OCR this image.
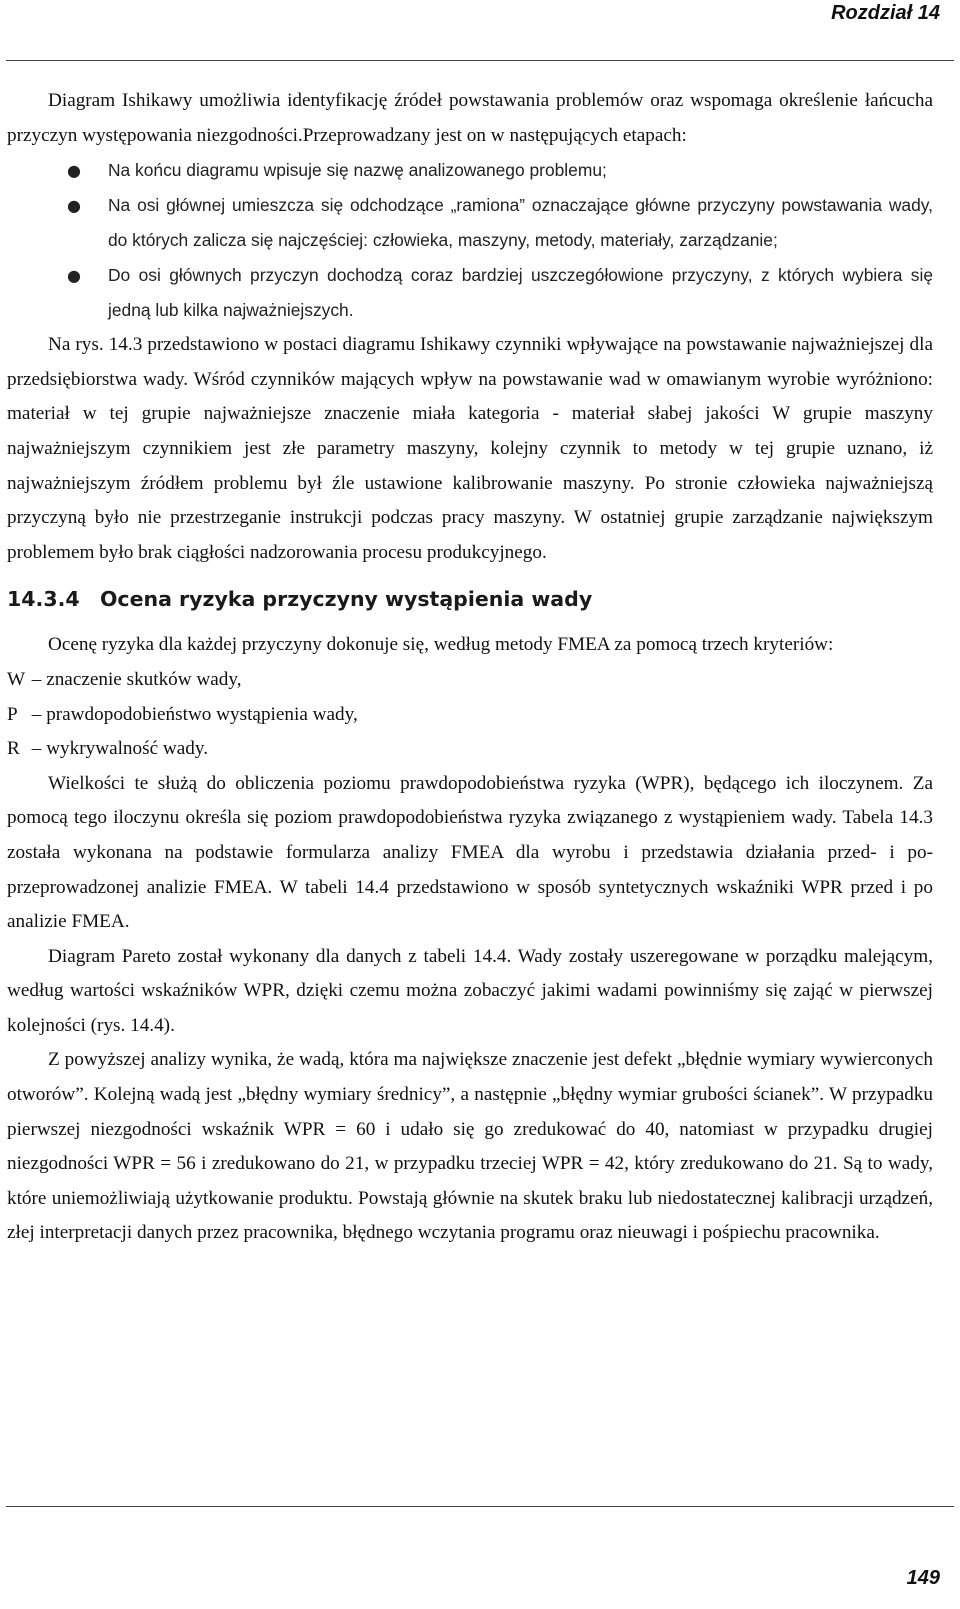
Rozdział 14

Diagram Ishikawy umożliwia identyfikację źródeł powstawania problemów oraz wspomaga określenie łańcucha przyczyn występowania niezgodności.Przeprowadzany jest on w następujących etapach:

● Na końcu diagramu wpisuje się nazwę analizowanego problemu;
● Na osi głównej umieszcza się odchodzące „ramiona” oznaczające główne przyczyny powstawania wady, do których zalicza się najczęściej: człowieka, maszyny, metody, materiały, zarządzanie;
● Do osi głównych przyczyn dochodzą coraz bardziej uszczegółowione przyczyny, z których wybiera się jedną lub kilka najważniejszych.

Na rys. 14.3 przedstawiono w postaci diagramu Ishikawy czynniki wpływające na powstawanie najważniejszej dla przedsiębiorstwa wady. Wśród czynników mających wpływ na powstawanie wad w omawianym wyrobie wyróżniono: materiał w tej grupie najważniejsze znaczenie miała kategoria - materiał słabej jakości W grupie maszyny najważniejszym czynnikiem jest złe parametry maszyny, kolejny czynnik to metody w tej grupie uznano, iż najważniejszym źródłem problemu był źle ustawione kalibrowanie maszyny. Po stronie człowieka najważniejszą przyczyną było nie przestrzeganie instrukcji podczas pracy maszyny. W ostatniej grupie zarządzanie największym problemem było brak ciągłości nadzorowania procesu produkcyjnego.

14.3.4 Ocena ryzyka przyczyny wystąpienia wady

Ocenę ryzyka dla każdej przyczyny dokonuje się, według metody FMEA za pomocą trzech kryteriów:

W – znaczenie skutków wady,

P – prawdopodobieństwo wystąpienia wady,

R – wykrywalność wady.

Wielkości te służą do obliczenia poziomu prawdopodobieństwa ryzyka (WPR), będącego ich iloczynem. Za pomocą tego iloczynu określa się poziom prawdopodobieństwa ryzyka związanego z wystąpieniem wady. Tabela 14.3 została wykonana na podstawie formularza analizy FMEA dla wyrobu i przedstawia działania przed- i po- przeprowadzonej analizie FMEA. W tabeli 14.4 przedstawiono w sposób syntetycznych wskaźniki WPR przed i po analizie FMEA.

Diagram Pareto został wykonany dla danych z tabeli 14.4. Wady zostały uszeregowane w porządku malejącym, według wartości wskaźników WPR, dzięki czemu można zobaczyć jakimi wadami powinniśmy się zająć w pierwszej kolejności (rys. 14.4).

Z powyższej analizy wynika, że wadą, która ma największe znaczenie jest defekt „błędnie wymiary wywierconych otworów”. Kolejną wadą jest „błędny wymiary średnicy”, a następnie „błędny wymiar grubości ścianek”. W przypadku pierwszej niezgodności wskaźnik WPR = 60 i udało się go zredukować do 40, natomiast w przypadku drugiej niezgodności WPR = 56 i zredukowano do 21, w przypadku trzeciej WPR = 42, który zredukowano do 21. Są to wady, które uniemożliwiają użytkowanie produktu. Powstają głównie na skutek braku lub niedostatecznej kalibracji urządzeń, złej interpretacji danych przez pracownika, błędnego wczytania programu oraz nieuwagi i pośpiechu pracownika.

149
